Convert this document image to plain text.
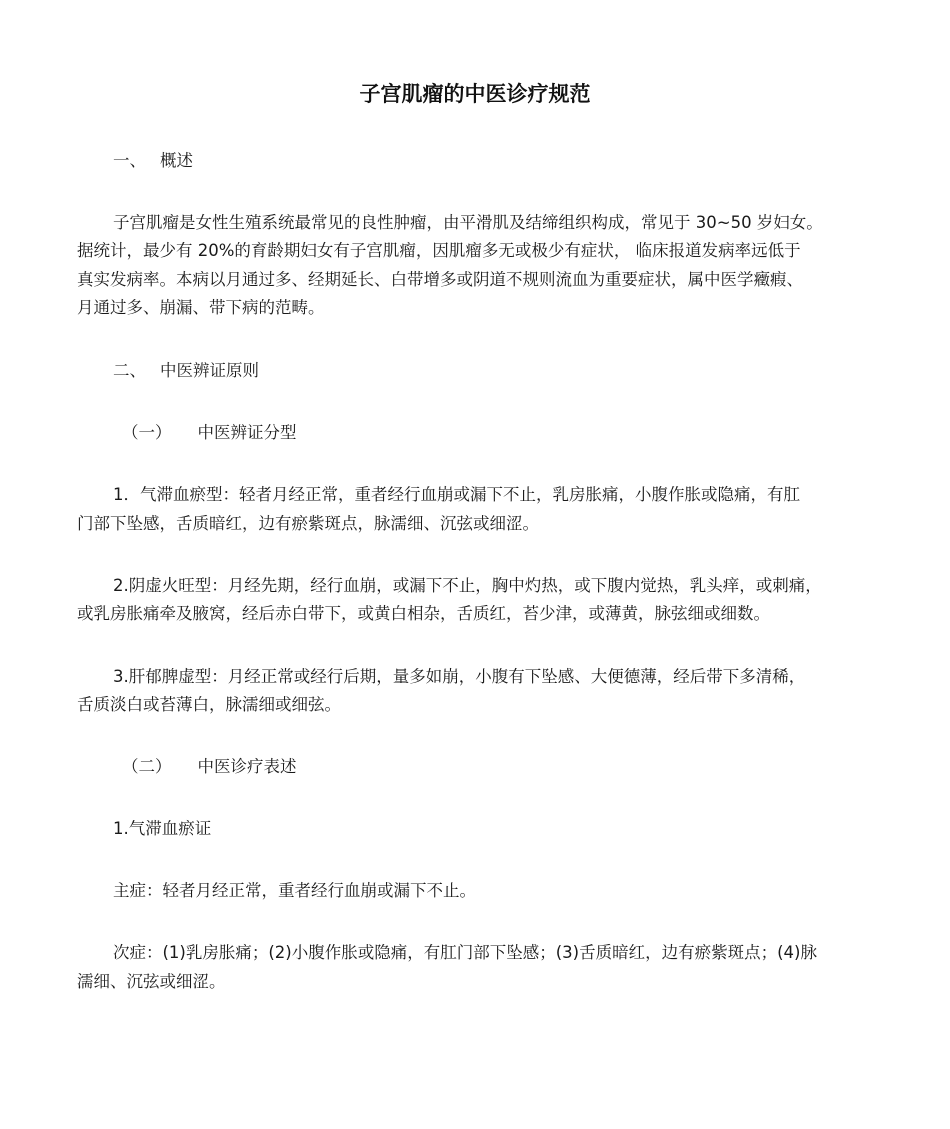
子宫肌瘤的中医诊疗规范

一、 概述

子宫肌瘤是女性生殖系统最常见的良性肿瘤，由平滑肌及结缔组织构成，常见于 30~50 岁妇女。

据统计，最少有 20%的育龄期妇女有子宫肌瘤，因肌瘤多无或极少有症状， 临床报道发病率远低于

真实发病率。本病以月通过多、经期延长、白带增多或阴道不规则流血为重要症状，属中医学癥瘕、

月通过多、崩漏、带下病的范畴。

二、 中医辨证原则

（一） 中医辨证分型

1．气滞血瘀型：轻者月经正常，重者经行血崩或漏下不止，乳房胀痛，小腹作胀或隐痛，有肛

门部下坠感，舌质暗红，边有瘀紫斑点，脉濡细、沉弦或细涩。

2.阴虚火旺型：月经先期，经行血崩，或漏下不止，胸中灼热，或下腹内觉热，乳头痒，或刺痛，

或乳房胀痛牵及腋窝，经后赤白带下，或黄白相杂，舌质红，苔少津，或薄黄，脉弦细或细数。

3.肝郁脾虚型：月经正常或经行后期，量多如崩，小腹有下坠感、大便德薄，经后带下多清稀，

舌质淡白或苔薄白，脉濡细或细弦。

（二） 中医诊疗表述

1.气滞血瘀证

主症：轻者月经正常，重者经行血崩或漏下不止。

次症：(1)乳房胀痛；(2)小腹作胀或隐痛，有肛门部下坠感；(3)舌质暗红，边有瘀紫斑点；(4)脉

濡细、沉弦或细涩。
